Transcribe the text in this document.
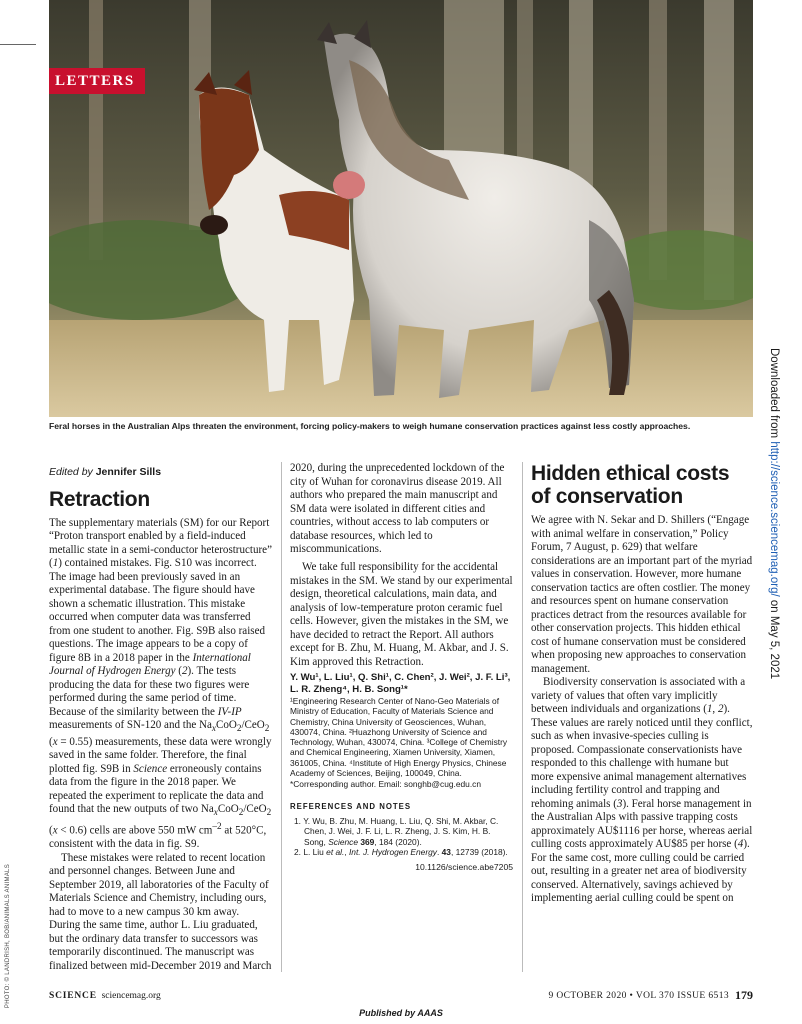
LETTERS
Feral horses in the Australian Alps threaten the environment, forcing policy-makers to weigh humane conservation practices against less costly approaches.
PHOTO: © LANDRISH, BOB/ANIMALS ANIMALS
Downloaded from http://science.sciencemag.org/ on May 5, 2021
Edited by Jennifer Sills
Retraction

The supplementary materials (SM) for our Report “Proton transport enabled by a field-induced metallic state in a semi-conductor heterostructure” (1) contained mistakes. Fig. S10 was incorrect. The image had been previously saved in an experimental database. The figure should have shown a schematic illustration. This mistake occurred when computer data was transferred from one student to another. Fig. S9B also raised questions. The image appears to be a copy of figure 8B in a 2018 paper in the International Journal of Hydrogen Energy (2). The tests producing the data for these two figures were performed during the same period of time. Because of the similarity between the IV-IP measurements of SN-120 and the $Na_xCoO_2/CeO_2$ (x = 0.55) measurements, these data were wrongly saved in the same folder. Therefore, the final plotted fig. S9B in Science erroneously contains data from the figure in the 2018 paper. We repeated the experiment to replicate the data and found that the new outputs of two $Na_xCoO_2/CeO_2$ (x < 0.6) cells are above 550 mW $cm^{-2}$ at 520°C, consistent with the data in fig. S9.

These mistakes were related to recent location and personnel changes. Between June and September 2019, all laboratories of the Faculty of Materials Science and Chemistry, including ours, had to move to a new campus 30 km away. During the same time, author L. Liu graduated, but the ordinary data transfer to successors was temporarily discontinued. The manuscript was finalized between mid-December 2019 and March

We take full responsibility for the accidental mistakes in the SM. We stand by our experimental design, theoretical calculations, main data, and analysis of low-temperature proton ceramic fuel cells. However, given the mistakes in the SM, we have decided to retract the Report. All authors except for B. Zhu, M. Huang, M. Akbar, and J. S. Kim approved this Retraction.

Y. Wu¹, L. Liu¹, Q. Shi¹, C. Chen², J. Wei², J. F. Li³, L. R. Zheng⁴, H. B. Song¹*
¹Engineering Research Center of Nano-Geo Materials of Ministry of Education, Faculty of Materials Science and Chemistry, China University of Geosciences, Wuhan, 430074, China. ²Huazhong University of Science and Technology, Wuhan, 430074, China. ³College of Chemistry and Chemical Engineering, Xiamen University, Xiamen, 361005, China. ⁴Institute of High Energy Physics, Chinese Academy of Sciences, Beijing, 100049, China.
*Corresponding author. Email: songhb@cug.edu.cn
REFERENCES AND NOTES
1. Y. Wu, B. Zhu, M. Huang, L. Liu, Q. Shi, M. Akbar, C. Chen, J. Wei, J. F. Li, L. R. Zheng, J. S. Kim, H. B. Song, Science 369, 184 (2020).
2. L. Liu et al., Int. J. Hydrogen Energy. 43, 12739 (2018).
10.1126/science.abe7205
Hidden ethical costs
of conservation

We agree with N. Sekar and D. Shillers (“Engage with animal welfare in conservation,” Policy Forum, 7 August, p. 629) that welfare considerations are an important part of the myriad values in conservation. However, more humane conservation tactics are often costlier. The money and resources spent on humane conservation practices detract from the resources available for other conservation projects. This hidden ethical cost of humane conservation must be considered when proposing new approaches to conservation management.

Biodiversity conservation is associated with a variety of values that often vary implicitly between individuals and organizations (1, 2). These values are rarely noticed until they conflict, such as when invasive-species culling is proposed. Compassionate conservationists have responded to this challenge with humane but more expensive animal management alternatives including fertility control and trapping and rehoming animals (3). Feral horse management in the Australian Alps with passive trapping costs approximately AU$1116 per horse, whereas aerial culling costs approximately AU$85 per horse (4). For the same cost, more culling could be carried out, resulting in a greater net area of biodiversity conserved. Alternatively, savings achieved by implementing aerial culling could be spent on

SCIENCE sciencemag.org	9 OCTOBER 2020 • VOL 370 ISSUE 6513 179
Published by AAAS

2020, during the unprecedented lockdown of the city of Wuhan for coronavirus disease 2019. All authors who prepared the main manuscript and SM data were isolated in different cities and countries, without access to lab computers or database resources, which led to miscommunications.
